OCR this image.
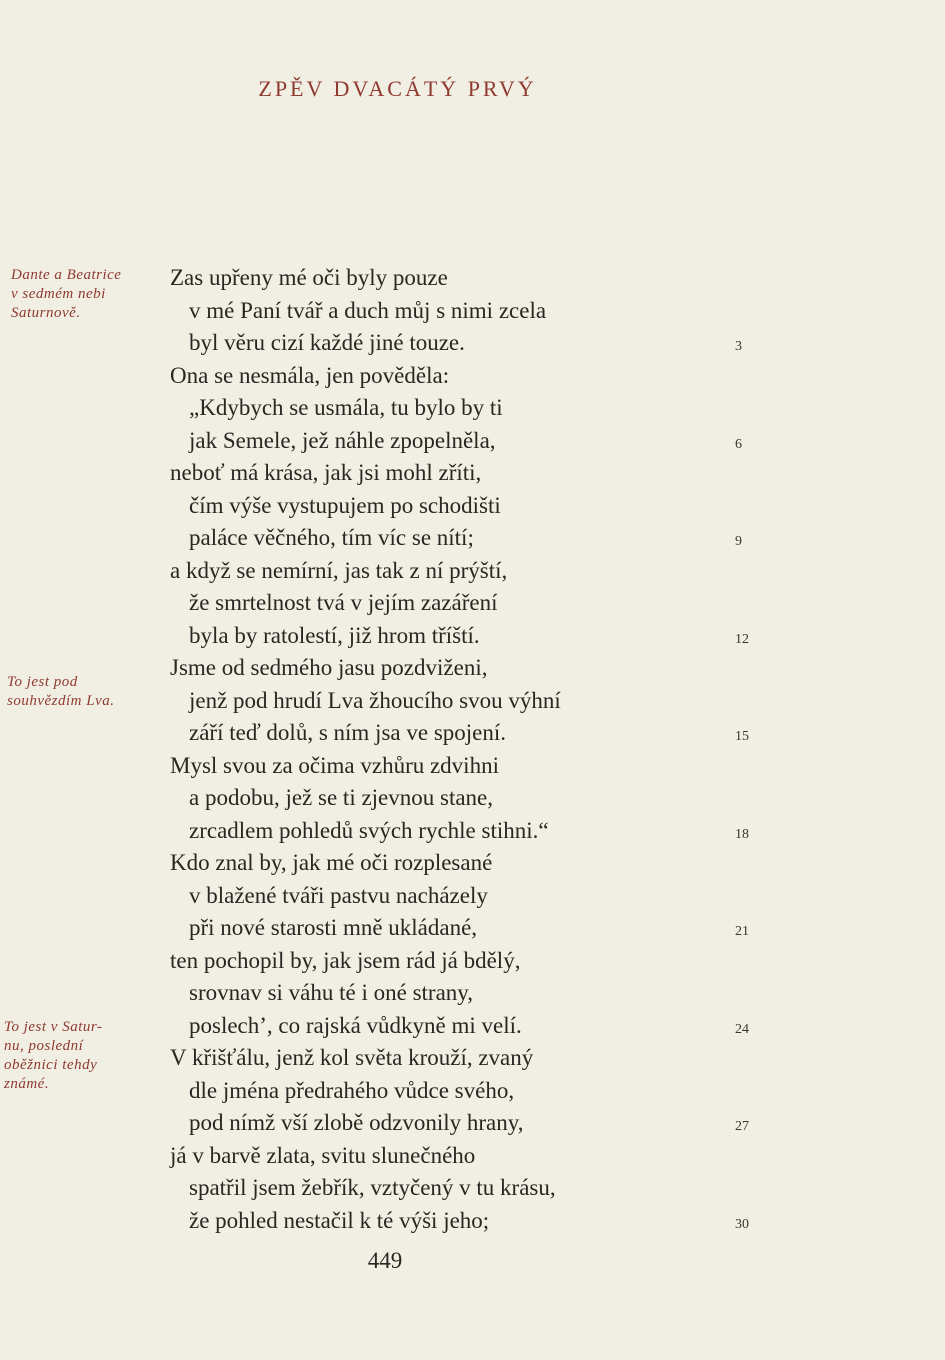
ZPĚV DVACÁTÝ PRVÝ
Dante a Beatrice
v sedmém nebi
Saturnově.
To jest pod
souhvězdím Lva.
To jest v Satur-
nu, poslední
oběžnici tehdy
známé.
Zas upřeny mé oči byly pouze
v mé Paní tvář a duch můj s nimi zcela
byl věru cizí každé jiné touze.	3
Ona se nesmála, jen pověděla:
„Kdybych se usmála, tu bylo by ti
jak Semele, jež náhle zpopelněla,	6
neboť má krása, jak jsi mohl zříti,
čím výše vystupujem po schodišti
paláce věčného, tím víc se nítí;	9
a když se nemírní, jas tak z ní prýští,
že smrtelnost tvá v jejím zazáření
byla by ratolestí, již hrom tříští.	12
Jsme od sedmého jasu pozdviženi,
jenž pod hrudí Lva žhoucího svou výhní
září teď dolů, s ním jsa ve spojení.	15
Mysl svou za očima vzhůru zdvihni
a podobu, jež se ti zjevnou stane,
zrcadlem pohledů svých rychle stihni.“	18
Kdo znal by, jak mé oči rozplesané
v blažené tváři pastvu nacházely
při nové starosti mně ukládané,	21
ten pochopil by, jak jsem rád já bdělý,
srovnav si váhu té i oné strany,
poslech’, co rajská vůdkyně mi velí.	24
V křišťálu, jenž kol světa krouží, zvaný
dle jména předrahého vůdce svého,
pod nímž vší zlobě odzvonily hrany,	27
já v barvě zlata, svitu slunečného
spatřil jsem žebřík, vztyčený v tu krásu,
že pohled nestačil k té výši jeho;	30
449
